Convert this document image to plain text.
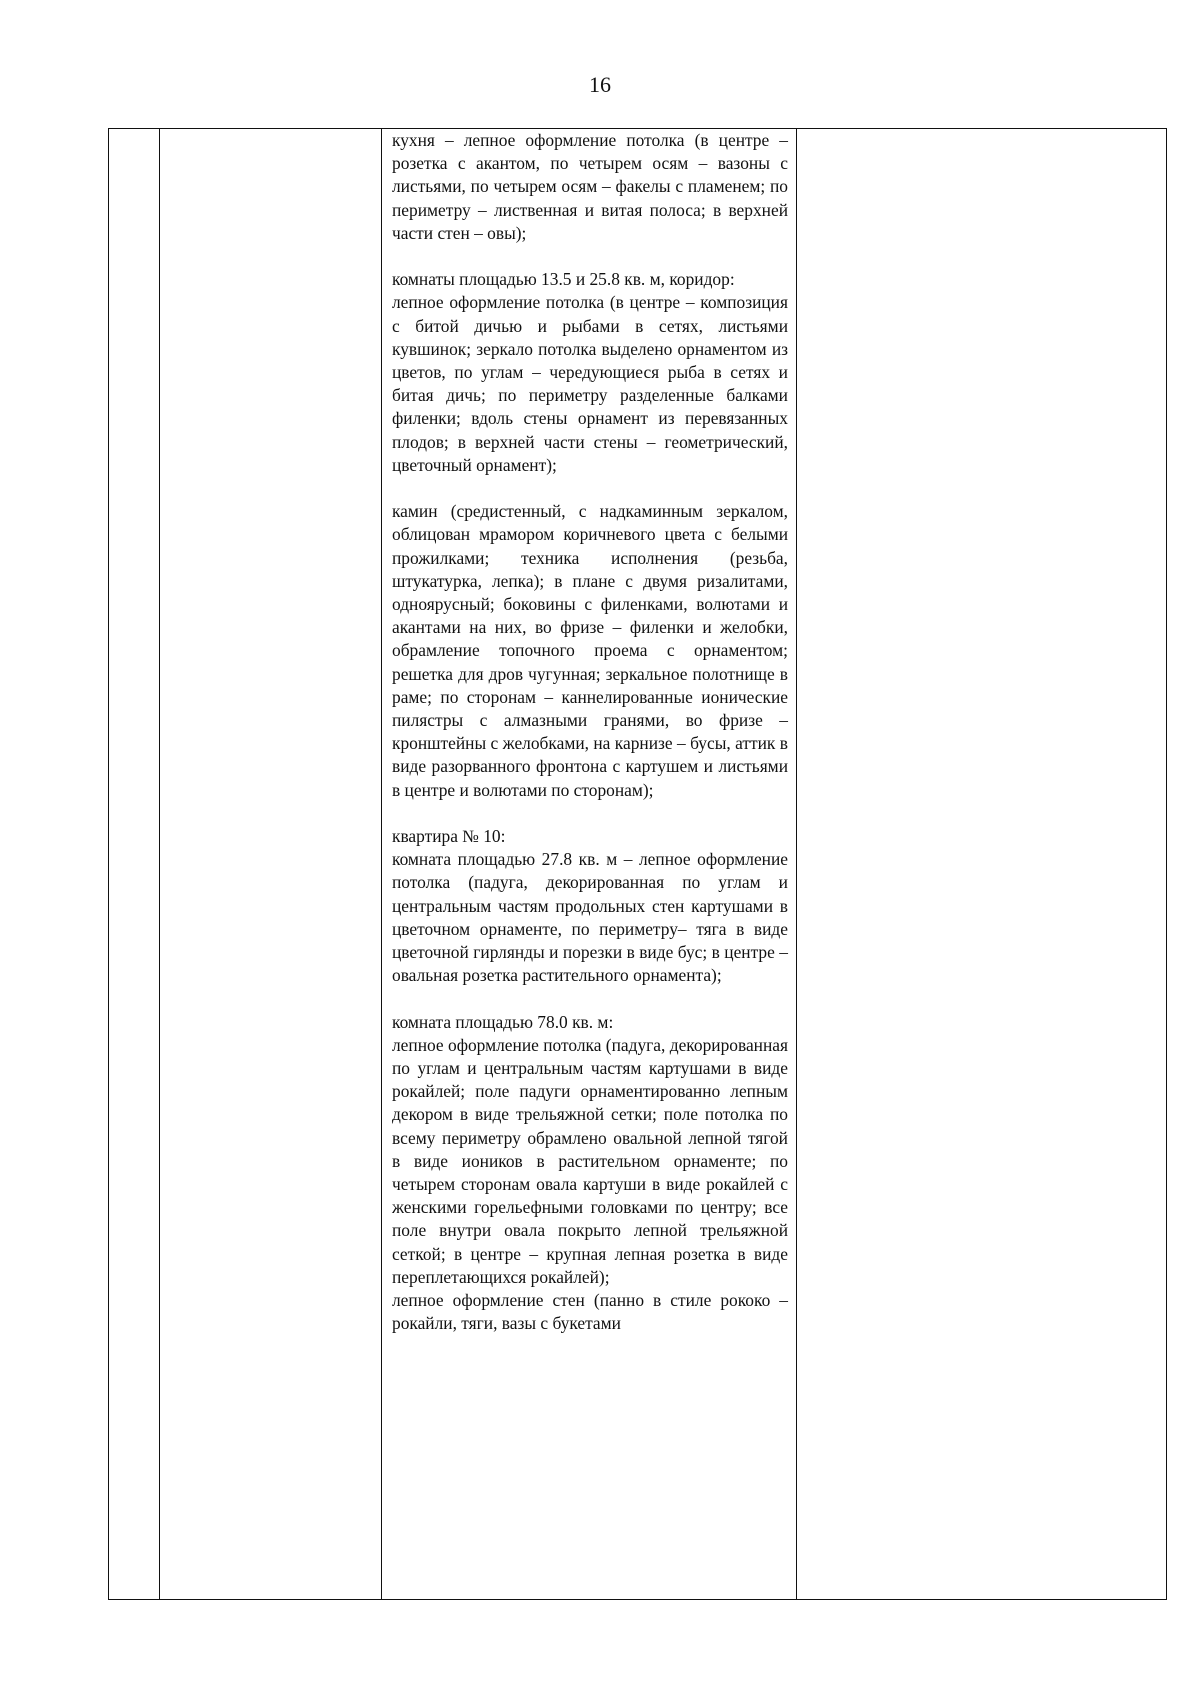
16

кухня – лепное оформление потолка (в центре – розетка с акантом, по четырем осям – вазоны с листьями, по четырем осям – факелы с пламенем; по периметру – лиственная и витая полоса; в верхней части стен – овы);

комнаты площадью 13.5 и 25.8 кв. м, коридор:

лепное оформление потолка (в центре – композиция с битой дичью и рыбами в сетях, листьями кувшинок; зеркало потолка выделено орнаментом из цветов, по углам – чередующиеся рыба в сетях и битая дичь; по периметру разделенные балками филенки; вдоль стены орнамент из перевязанных плодов; в верхней части стены – геометрический, цветочный орнамент);

камин (средистенный, с надкаминным зеркалом, облицован мрамором коричневого цвета с белыми прожилками; техника исполнения (резьба, штукатурка, лепка); в плане с двумя ризалитами, одноярусный; боковины с филенками, волютами и акантами на них, во фризе – филенки и желобки, обрамление топочного проема с орнаментом; решетка для дров чугунная; зеркальное полотнище в раме; по сторонам – каннелированные ионические пилястры с алмазными гранями, во фризе – кронштейны с желобками, на карнизе – бусы, аттик в виде разорванного фронтона с картушем и листьями в центре и волютами по сторонам);

квартира № 10:

комната площадью 27.8 кв. м – лепное оформление потолка (падуга, декорированная по углам и центральным частям продольных стен картушами в цветочном орнаменте, по периметру– тяга в виде цветочной гирлянды и порезки в виде бус; в центре – овальная розетка растительного орнамента);

комната площадью 78.0 кв. м:

лепное оформление потолка (падуга, декорированная по углам и центральным частям картушами в виде рокайлей; поле падуги орнаментированно лепным декором в виде трельяжной сетки; поле потолка по всему периметру обрамлено овальной лепной тягой в виде иоников в растительном орнаменте; по четырем сторонам овала картуши в виде рокайлей с женскими горельефными головками по центру; все поле внутри овала покрыто лепной трельяжной сеткой; в центре – крупная лепная розетка в виде переплетающихся рокайлей);

лепное оформление стен (панно в стиле рококо – рокайли, тяги, вазы с букетами
